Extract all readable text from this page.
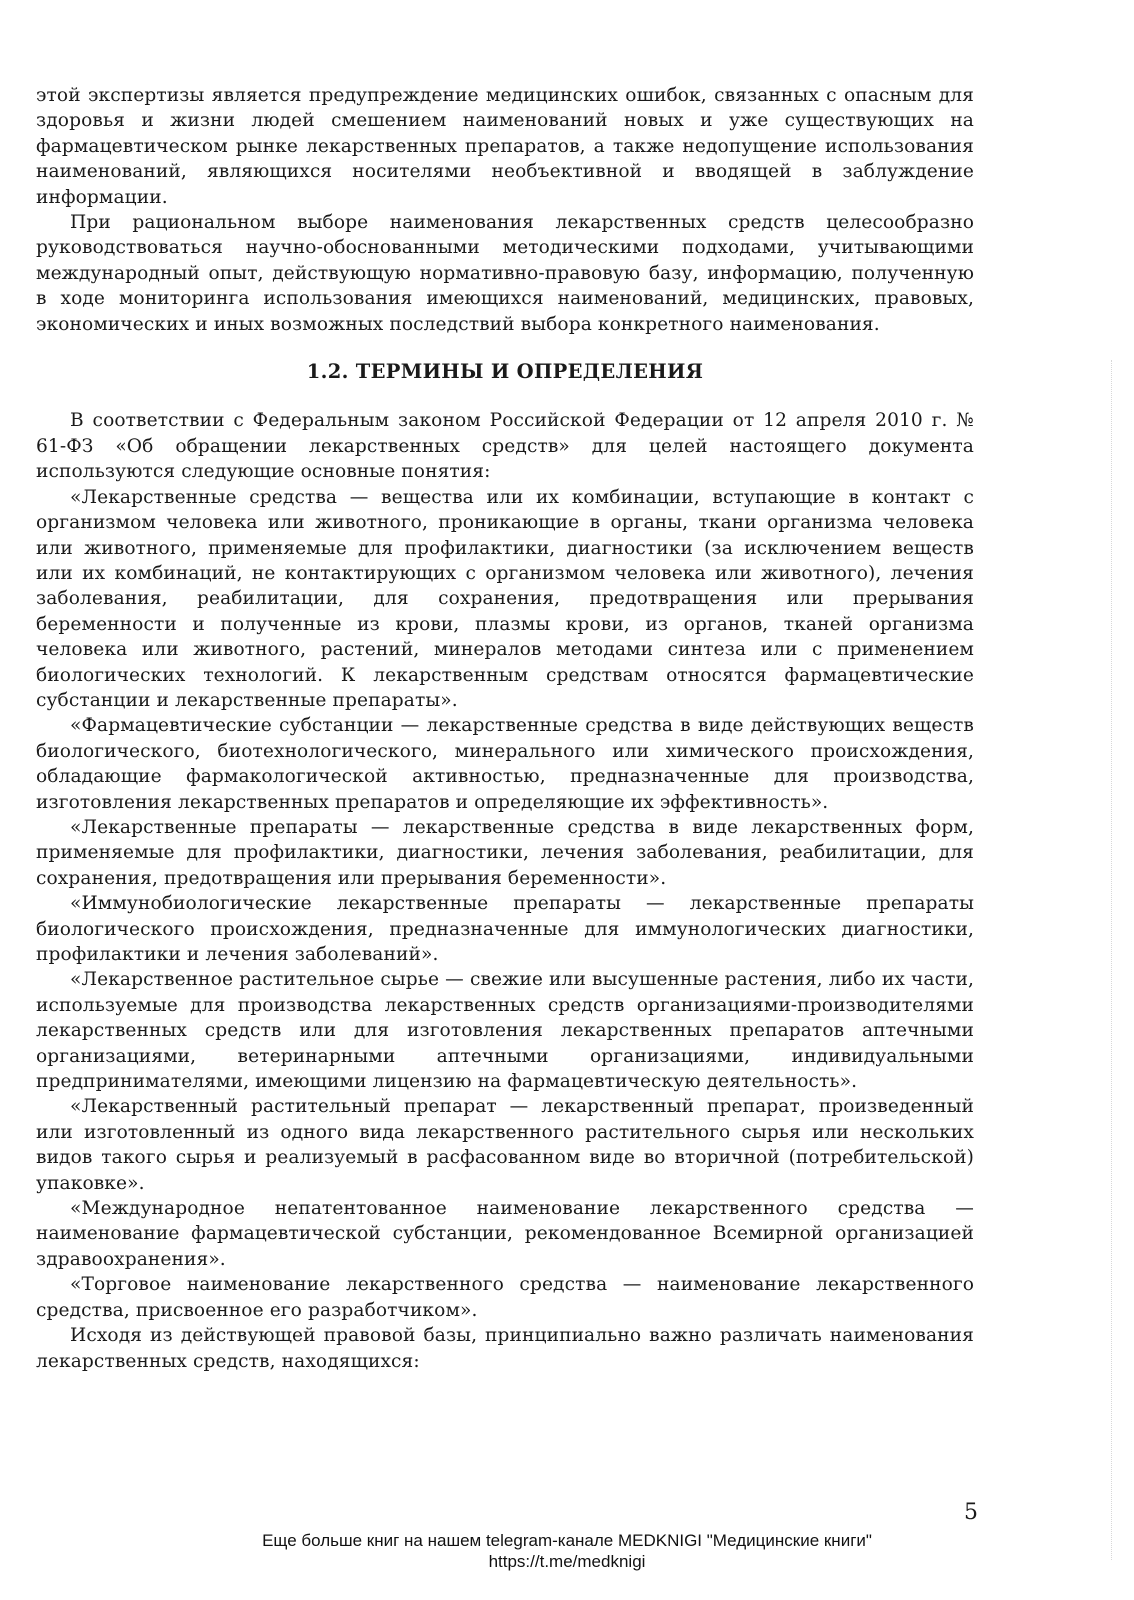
этой экспертизы является предупреждение медицинских ошибок, связанных с опасным для здоровья и жизни людей смешением наименований новых и уже существующих на фармацевтическом рынке лекарственных препаратов, а также недопущение использования наименований, являющихся носителями необъективной и вводящей в заблуждение информации.

При рациональном выборе наименования лекарственных средств целесообразно руководствоваться научно-обоснованными методическими подходами, учитывающими международный опыт, действующую нормативно-правовую базу, информацию, полученную в ходе мониторинга использования имеющихся наименований, медицинских, правовых, экономических и иных возможных последствий выбора конкретного наименования.

1.2. ТЕРМИНЫ И ОПРЕДЕЛЕНИЯ

В соответствии с Федеральным законом Российской Федерации от 12 апреля 2010 г. № 61-ФЗ «Об обращении лекарственных средств» для целей настоящего документа используются следующие основные понятия:

«Лекарственные средства — вещества или их комбинации, вступающие в контакт с организмом человека или животного, проникающие в органы, ткани организма человека или животного, применяемые для профилактики, диагностики (за исключением веществ или их комбинаций, не контактирующих с организмом человека или животного), лечения заболевания, реабилитации, для сохранения, предотвращения или прерывания беременности и полученные из крови, плазмы крови, из органов, тканей организма человека или животного, растений, минералов методами синтеза или с применением биологических технологий. К лекарственным средствам относятся фармацевтические субстанции и лекарственные препараты».

«Фармацевтические субстанции — лекарственные средства в виде действующих веществ биологического, биотехнологического, минерального или химического происхождения, обладающие фармакологической активностью, предназначенные для производства, изготовления лекарственных препаратов и определяющие их эффективность».

«Лекарственные препараты — лекарственные средства в виде лекарственных форм, применяемые для профилактики, диагностики, лечения заболевания, реабилитации, для сохранения, предотвращения или прерывания беременности».

«Иммунобиологические лекарственные препараты — лекарственные препараты биологического происхождения, предназначенные для иммунологических диагностики, профилактики и лечения заболеваний».

«Лекарственное растительное сырье — свежие или высушенные растения, либо их части, используемые для производства лекарственных средств организациями-производителями лекарственных средств или для изготовления лекарственных препаратов аптечными организациями, ветеринарными аптечными организациями, индивидуальными предпринимателями, имеющими лицензию на фармацевтическую деятельность».

«Лекарственный растительный препарат — лекарственный препарат, произведенный или изготовленный из одного вида лекарственного растительного сырья или нескольких видов такого сырья и реализуемый в расфасованном виде во вторичной (потребительской) упаковке».

«Международное непатентованное наименование лекарственного средства — наименование фармацевтической субстанции, рекомендованное Всемирной организацией здравоохранения».

«Торговое наименование лекарственного средства — наименование лекарственного средства, присвоенное его разработчиком».

Исходя из действующей правовой базы, принципиально важно различать наименования лекарственных средств, находящихся:

5
Еще больше книг на нашем telegram-канале MEDKNIGI "Медицинские книги"
https://t.me/medknigi
